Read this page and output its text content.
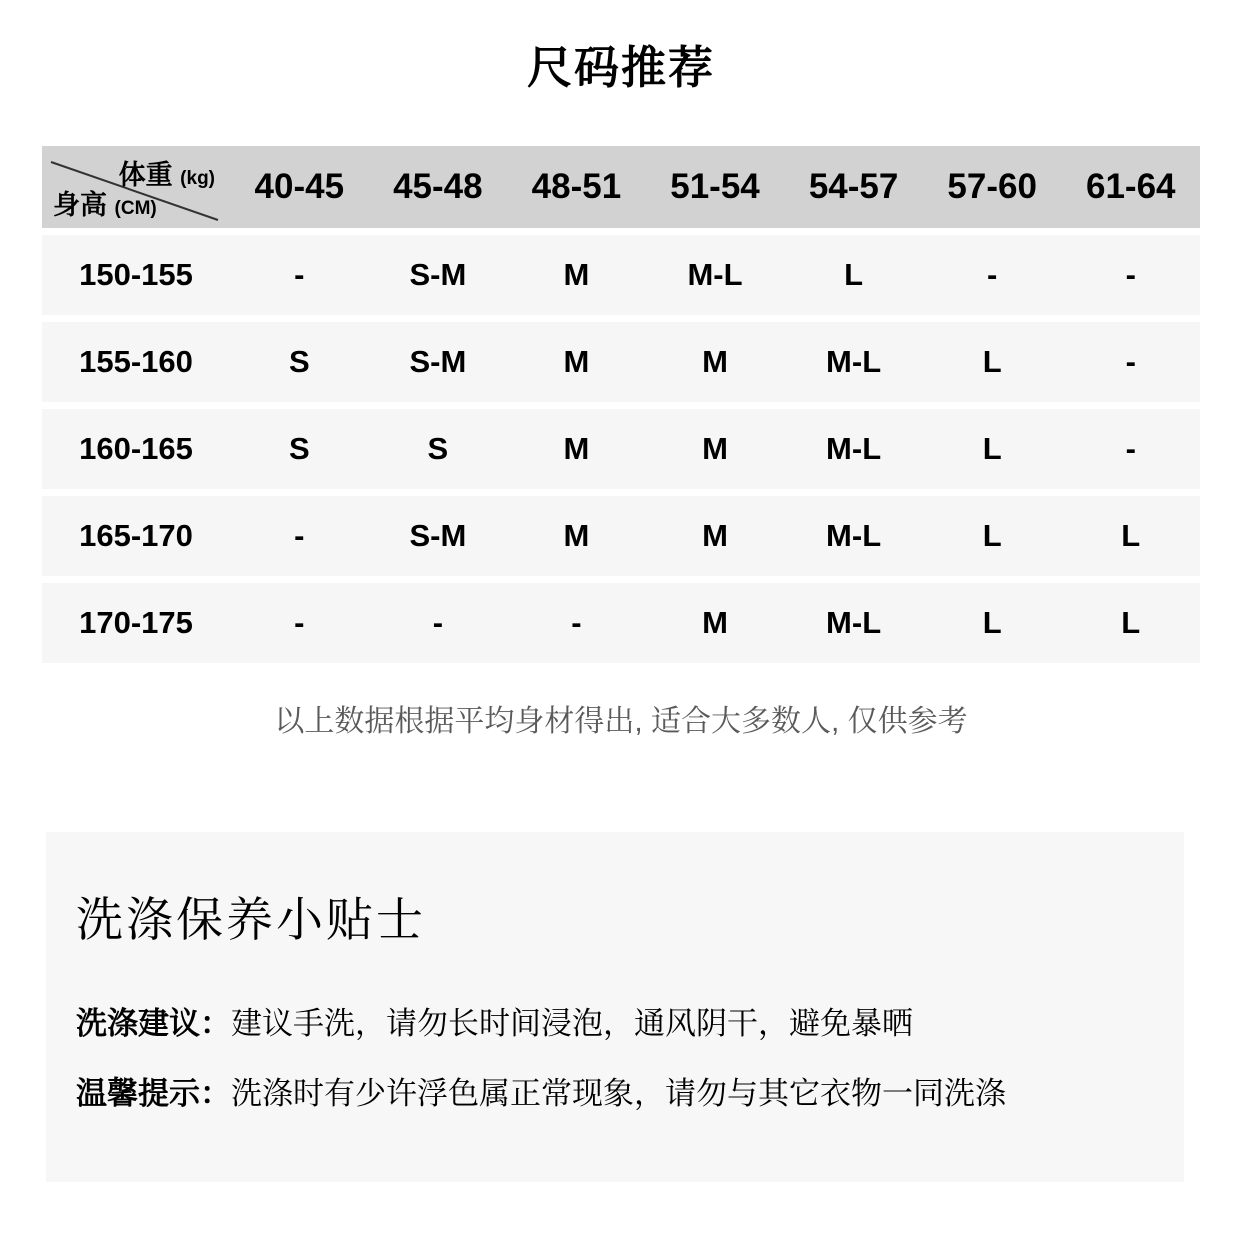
尺码推荐
体重 (kg)
身高 (CM)
40-45	45-48	48-51	51-54	54-57	57-60	61-64
150-155	-	S-M	M	M-L	L	-	-
155-160	S	S-M	M	M	M-L	L	-
160-165	S	S	M	M	M-L	L	-
165-170	-	S-M	M	M	M-L	L	L
170-175	-	-	-	M	M-L	L	L
以上数据根据平均身材得出, 适合大多数人, 仅供参考
洗涤保养小贴士
洗涤建议：建议手洗，请勿长时间浸泡，通风阴干，避免暴晒
温馨提示：洗涤时有少许浮色属正常现象，请勿与其它衣物一同洗涤
